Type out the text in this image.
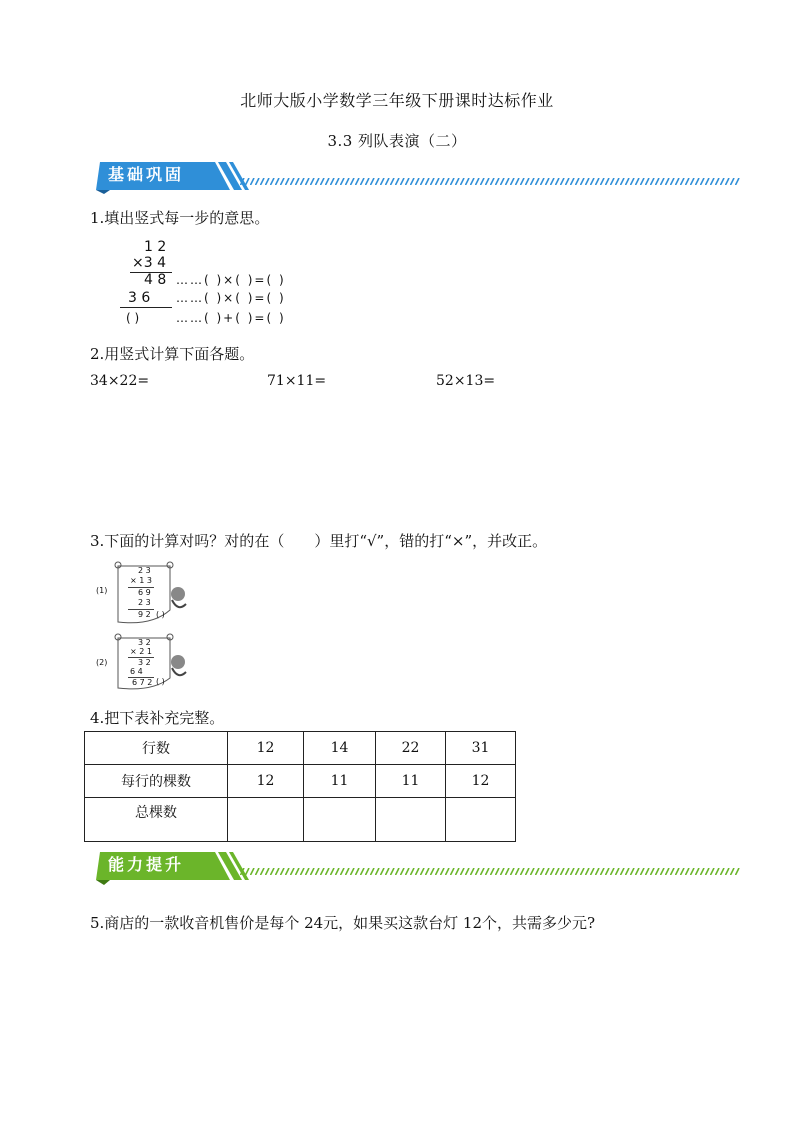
北师大版小学数学三年级下册课时达标作业
3.3 列队表演（二）
基础巩固
1.填出竖式每一步的意思。
1 2
×3 4
4 8
3 6
( )
……( )×( )=( )
……( )×( )=( )
……( )+( )=( )
2.用竖式计算下面各题。
34×22=	71×11=	52×13=
3.下面的计算对吗？对的在（　　）里打“√”，错的打“×”，并改正。
(1)
2 3
× 1 3
6 9
2 3
9 2 ( )
(2)
3 2
× 2 1
3 2
6 4
6 7 2 ( )
4.把下表补充完整。
行数	12	14	22	31
每行的棵数	12	11	11	12
总棵数				
能力提升
5.商店的一款收音机售价是每个 24元，如果买这款台灯 12个，共需多少元?
